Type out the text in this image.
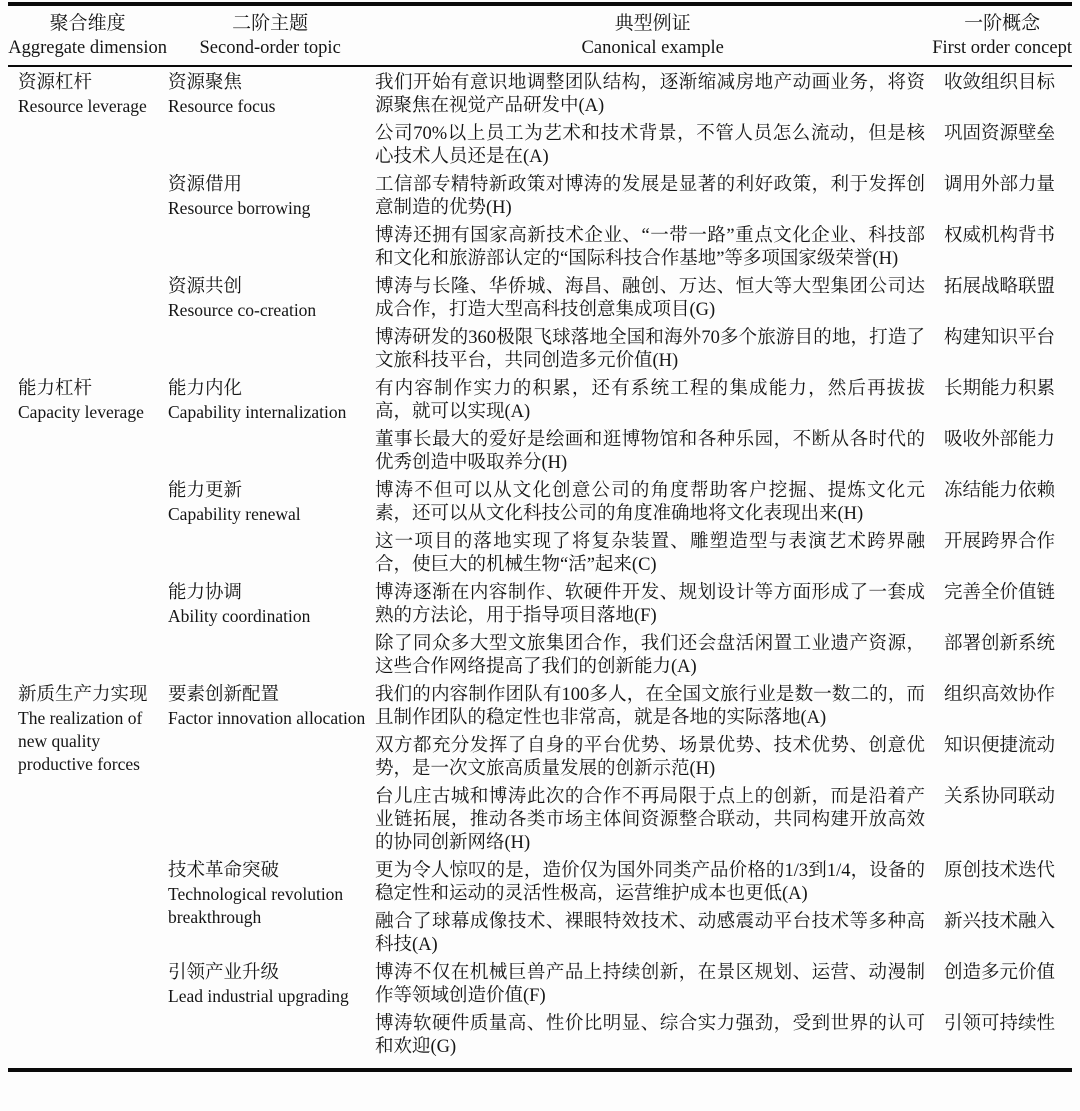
聚合维度
Aggregate dimension
二阶主题
Second-order topic
典型例证
Canonical example
一阶概念
First order concept
资源杠杆
Resource leverage
资源聚焦
Resource focus
我们开始有意识地调整团队结构，逐渐缩减房地产动画业务，将资源聚焦在视觉产品研发中(A)
收敛组织目标
公司70%以上员工为艺术和技术背景，不管人员怎么流动，但是核心技术人员还是在(A)
巩固资源壁垒
资源借用
Resource borrowing
工信部专精特新政策对博涛的发展是显著的利好政策，利于发挥创意制造的优势(H)
调用外部力量
博涛还拥有国家高新技术企业、“一带一路”重点文化企业、科技部和文化和旅游部认定的“国际科技合作基地”等多项国家级荣誉(H)
权威机构背书
资源共创
Resource co-creation
博涛与长隆、华侨城、海昌、融创、万达、恒大等大型集团公司达成合作，打造大型高科技创意集成项目(G)
拓展战略联盟
博涛研发的360极限飞球落地全国和海外70多个旅游目的地，打造了文旅科技平台，共同创造多元价值(H)
构建知识平台
能力杠杆
Capacity leverage
能力内化
Capability internalization
有内容制作实力的积累，还有系统工程的集成能力，然后再拔拔高，就可以实现(A)
长期能力积累
董事长最大的爱好是绘画和逛博物馆和各种乐园，不断从各时代的优秀创造中吸取养分(H)
吸收外部能力
能力更新
Capability renewal
博涛不但可以从文化创意公司的角度帮助客户挖掘、提炼文化元素，还可以从文化科技公司的角度准确地将文化表现出来(H)
冻结能力依赖
这一项目的落地实现了将复杂装置、雕塑造型与表演艺术跨界融合，使巨大的机械生物“活”起来(C)
开展跨界合作
能力协调
Ability coordination
博涛逐渐在内容制作、软硬件开发、规划设计等方面形成了一套成熟的方法论，用于指导项目落地(F)
完善全价值链
除了同众多大型文旅集团合作，我们还会盘活闲置工业遗产资源，这些合作网络提高了我们的创新能力(A)
部署创新系统
新质生产力实现
The realization of new quality productive forces
要素创新配置
Factor innovation allocation
我们的内容制作团队有100多人，在全国文旅行业是数一数二的，而且制作团队的稳定性也非常高，就是各地的实际落地(A)
组织高效协作
双方都充分发挥了自身的平台优势、场景优势、技术优势、创意优势，是一次文旅高质量发展的创新示范(H)
知识便捷流动
台儿庄古城和博涛此次的合作不再局限于点上的创新，而是沿着产业链拓展，推动各类市场主体间资源整合联动，共同构建开放高效的协同创新网络(H)
关系协同联动
技术革命突破
Technological revolution breakthrough
更为令人惊叹的是，造价仅为国外同类产品价格的1/3到1/4，设备的稳定性和运动的灵活性极高，运营维护成本也更低(A)
原创技术迭代
融合了球幕成像技术、裸眼特效技术、动感震动平台技术等多种高科技(A)
新兴技术融入
引领产业升级
Lead industrial upgrading
博涛不仅在机械巨兽产品上持续创新，在景区规划、运营、动漫制作等领域创造价值(F)
创造多元价值
博涛软硬件质量高、性价比明显、综合实力强劲，受到世界的认可和欢迎(G)
引领可持续性
